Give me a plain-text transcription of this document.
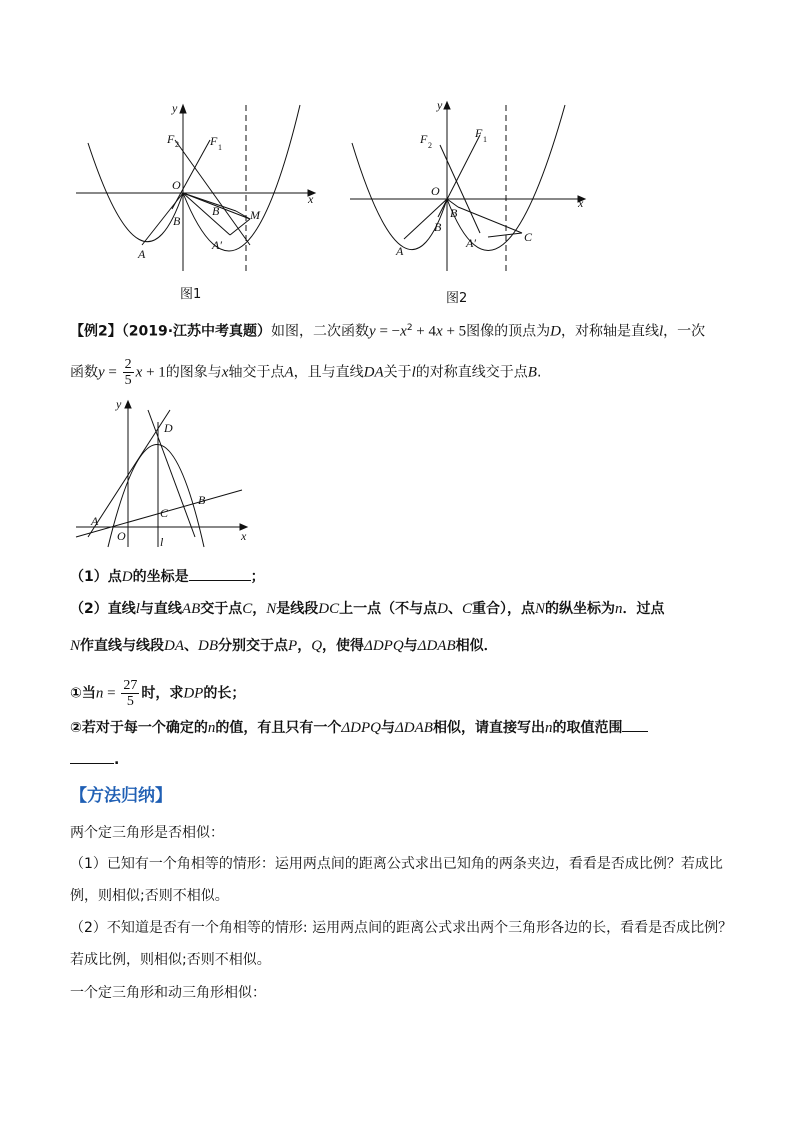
y
x
O
F 2	F 1
A
B
B	M
A′
图1
y
x
O
F 2
F 1
A
B
B
C
A′
图2
【例2】（2019·江苏中考真题）如图，二次函数$y = -x^2 + 4x + 5$图像的顶点为D，对称轴是直线l，一次
函数$y = \frac{2}{5}$ x + 1的图象与x轴交于点A，且与直线DA关于l的对称直线交于点B.
y
x
O
D
A
B
C
l
（1）点D的坐标是	；
（2）直线l与直线AB交于点C，N是线段DC上一点（不与点D、C重合），点N的纵坐标为n．过点
N作直线与线段DA、DB分别交于点P，Q，使得ΔDPQ与ΔDAB相似．
①当$n = \frac{27}{5}$ 时，求DP的长；
②若对于每一个确定的n的值，有且只有一个ΔDPQ与ΔDAB相似，请直接写出n的取值范围
.
【方法归纳】
两个定三角形是否相似：
（1）已知有一个角相等的情形：运用两点间的距离公式求出已知角的两条夹边，看看是否成比例？若成比
例，则相似;否则不相似。
（2）不知道是否有一个角相等的情形: 运用两点间的距离公式求出两个三角形各边的长，看看是否成比例？
若成比例，则相似;否则不相似。
一个定三角形和动三角形相似：
